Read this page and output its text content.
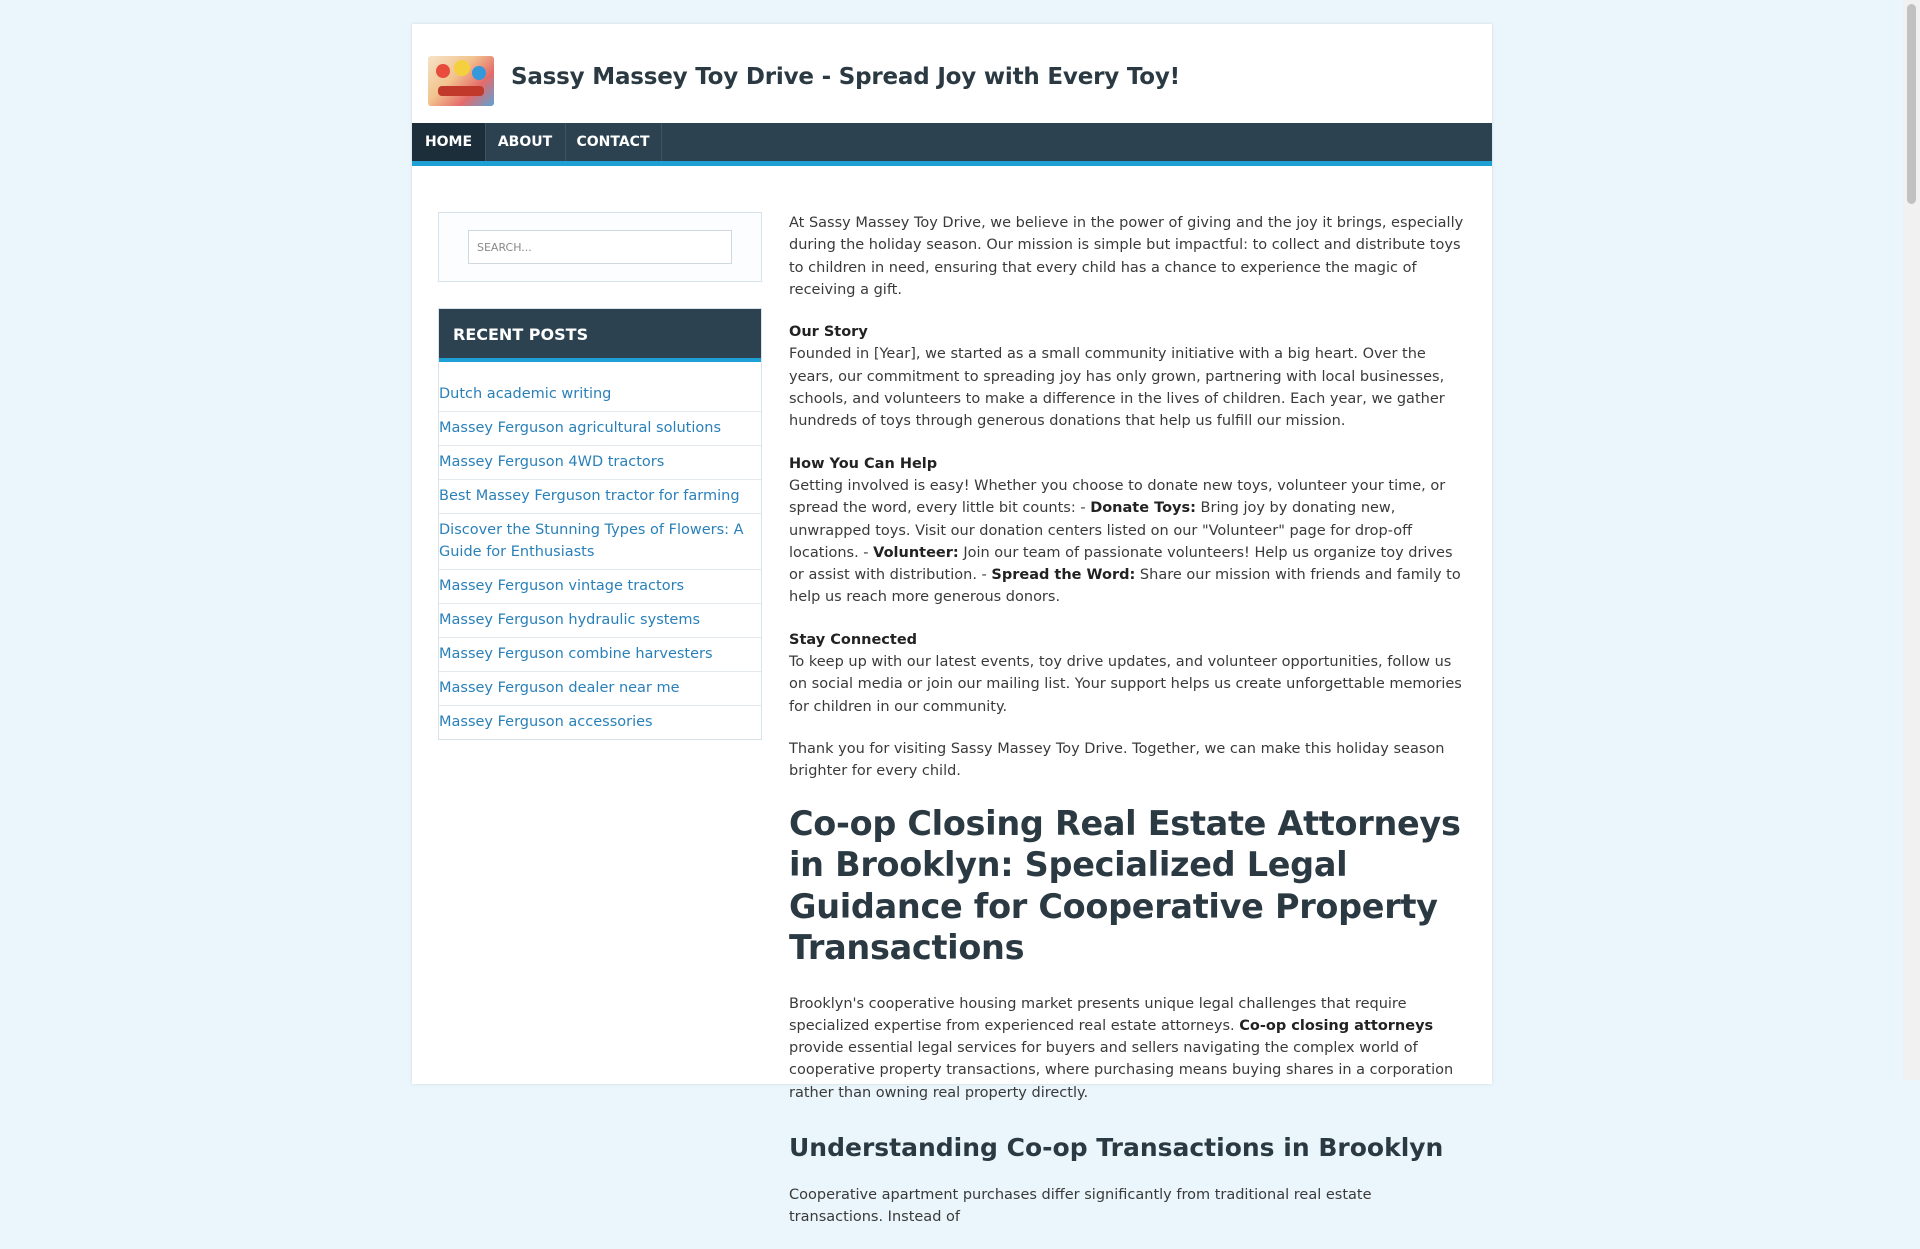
Sassy Massey Toy Drive - Spread Joy with Every Toy!
HOME	ABOUT	CONTACT
SEARCH...
RECENT POSTS
Dutch academic writing
Massey Ferguson agricultural solutions
Massey Ferguson 4WD tractors
Best Massey Ferguson tractor for farming
Discover the Stunning Types of Flowers: A Guide for Enthusiasts
Massey Ferguson vintage tractors
Massey Ferguson hydraulic systems
Massey Ferguson combine harvesters
Massey Ferguson dealer near me
Massey Ferguson accessories

At Sassy Massey Toy Drive, we believe in the power of giving and the joy it brings, especially during the holiday season. Our mission is simple but impactful: to collect and distribute toys to children in need, ensuring that every child has a chance to experience the magic of receiving a gift.

Our Story
Founded in [Year], we started as a small community initiative with a big heart. Over the years, our commitment to spreading joy has only grown, partnering with local businesses, schools, and volunteers to make a difference in the lives of children. Each year, we gather hundreds of toys through generous donations that help us fulfill our mission.

How You Can Help
Getting involved is easy! Whether you choose to donate new toys, volunteer your time, or spread the word, every little bit counts: - Donate Toys: Bring joy by donating new, unwrapped toys. Visit our donation centers listed on our "Volunteer" page for drop-off locations. - Volunteer: Join our team of passionate volunteers! Help us organize toy drives or assist with distribution. - Spread the Word: Share our mission with friends and family to help us reach more generous donors.

Stay Connected
To keep up with our latest events, toy drive updates, and volunteer opportunities, follow us on social media or join our mailing list. Your support helps us create unforgettable memories for children in our community.

Thank you for visiting Sassy Massey Toy Drive. Together, we can make this holiday season brighter for every child.

Co-op Closing Real Estate Attorneys in Brooklyn: Specialized Legal Guidance for Cooperative Property Transactions

Brooklyn's cooperative housing market presents unique legal challenges that require specialized expertise from experienced real estate attorneys. Co-op closing attorneys provide essential legal services for buyers and sellers navigating the complex world of cooperative property transactions, where purchasing means buying shares in a corporation rather than owning real property directly.

Understanding Co-op Transactions in Brooklyn

Cooperative apartment purchases differ significantly from traditional real estate transactions. Instead of
